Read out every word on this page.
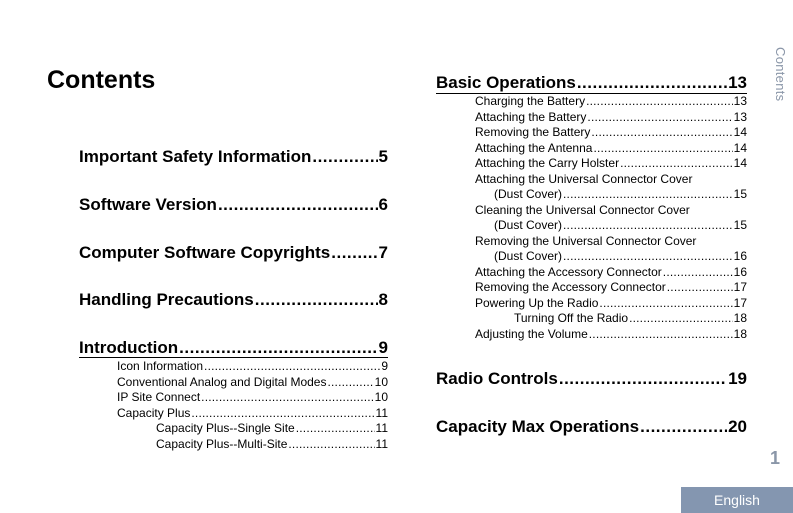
Contents	Contents
Important Safety Information .....	5
Software Version .....	6
Computer Software Copyrights .....	7
Handling Precautions .....	8
Introduction .....	9
Icon Information .....	9
Conventional Analog and Digital Modes .....	10
IP Site Connect .....	10
Capacity Plus .....	11
Capacity Plus--Single Site .....	11
Capacity Plus--Multi-Site .....	11
Basic Operations .....	13
Charging the Battery .....	13
Attaching the Battery .....	13
Removing the Battery .....	14
Attaching the Antenna .....	14
Attaching the Carry Holster .....	14
Attaching the Universal Connector Cover
(Dust Cover) .....	15
Cleaning the Universal Connector Cover
(Dust Cover) .....	15
Removing the Universal Connector Cover
(Dust Cover) .....	16
Attaching the Accessory Connector .....	16
Removing the Accessory Connector .....	17
Powering Up the Radio .....	17
Turning Off the Radio .....	18
Adjusting the Volume .....	18
Radio Controls .....	19
Capacity Max Operations .....	20
1
English
